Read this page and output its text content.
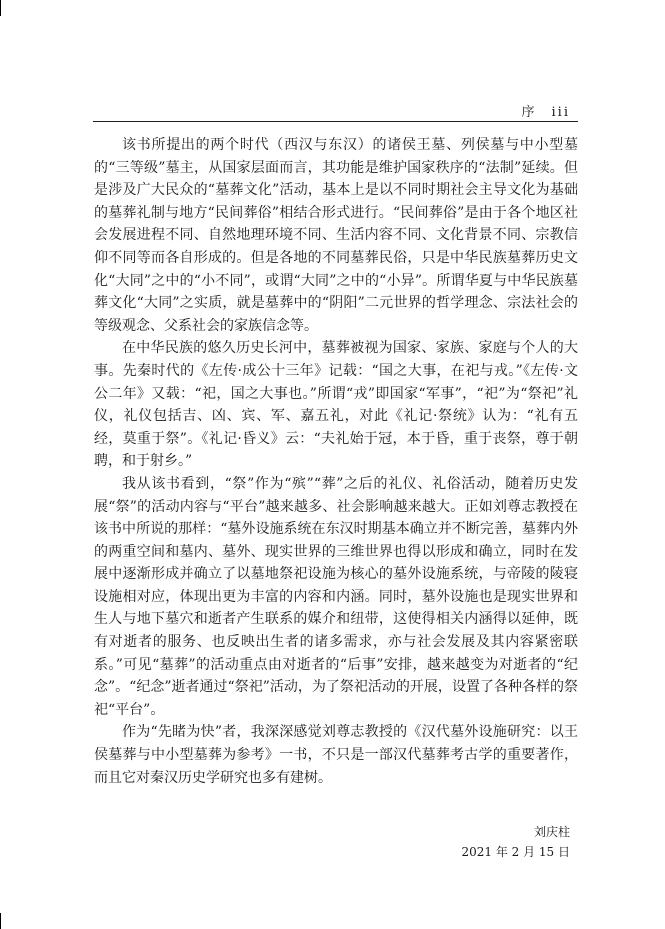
序　iii

该书所提出的两个时代（西汉与东汉）的诸侯王墓、列侯墓与中小型墓的“三等级”墓主，从国家层面而言，其功能是维护国家秩序的“法制”延续。但是涉及广大民众的“墓葬文化”活动，基本上是以不同时期社会主导文化为基础的墓葬礼制与地方“民间葬俗”相结合形式进行。“民间葬俗”是由于各个地区社会发展进程不同、自然地理环境不同、生活内容不同、文化背景不同、宗教信仰不同等而各自形成的。但是各地的不同墓葬民俗，只是中华民族墓葬历史文化“大同”之中的“小不同”，或谓“大同”之中的“小异”。所谓华夏与中华民族墓葬文化“大同”之实质，就是墓葬中的“阴阳”二元世界的哲学理念、宗法社会的等级观念、父系社会的家族信念等。

在中华民族的悠久历史长河中，墓葬被视为国家、家族、家庭与个人的大事。先秦时代的《左传·成公十三年》记载：“国之大事，在祀与戎。”《左传·文公二年》又载：“祀，国之大事也。”所谓“戎”即国家“军事”，“祀”为“祭祀”礼仪，礼仪包括吉、凶、宾、军、嘉五礼，对此《礼记·祭统》认为：“礼有五经，莫重于祭”。《礼记·昏义》云：“夫礼始于冠，本于昏，重于丧祭，尊于朝聘，和于射乡。”

我从该书看到，“祭”作为“殡”“葬”之后的礼仪、礼俗活动，随着历史发展“祭”的活动内容与“平台”越来越多、社会影响越来越大。正如刘尊志教授在该书中所说的那样：“墓外设施系统在东汉时期基本确立并不断完善，墓葬内外的两重空间和墓内、墓外、现实世界的三维世界也得以形成和确立，同时在发展中逐渐形成并确立了以墓地祭祀设施为核心的墓外设施系统，与帝陵的陵寝设施相对应，体现出更为丰富的内容和内涵。同时，墓外设施也是现实世界和生人与地下墓穴和逝者产生联系的媒介和纽带，这使得相关内涵得以延伸，既有对逝者的服务、也反映出生者的诸多需求，亦与社会发展及其内容紧密联系。”可见“墓葬”的活动重点由对逝者的“后事”安排，越来越变为对逝者的“纪念”。“纪念”逝者通过“祭祀”活动，为了祭祀活动的开展，设置了各种各样的祭祀“平台”。

作为“先睹为快”者，我深深感觉刘尊志教授的《汉代墓外设施研究：以王侯墓葬与中小型墓葬为参考》一书，不只是一部汉代墓葬考古学的重要著作，而且它对秦汉历史学研究也多有建树。

刘庆柱
2021 年 2 月 15 日
